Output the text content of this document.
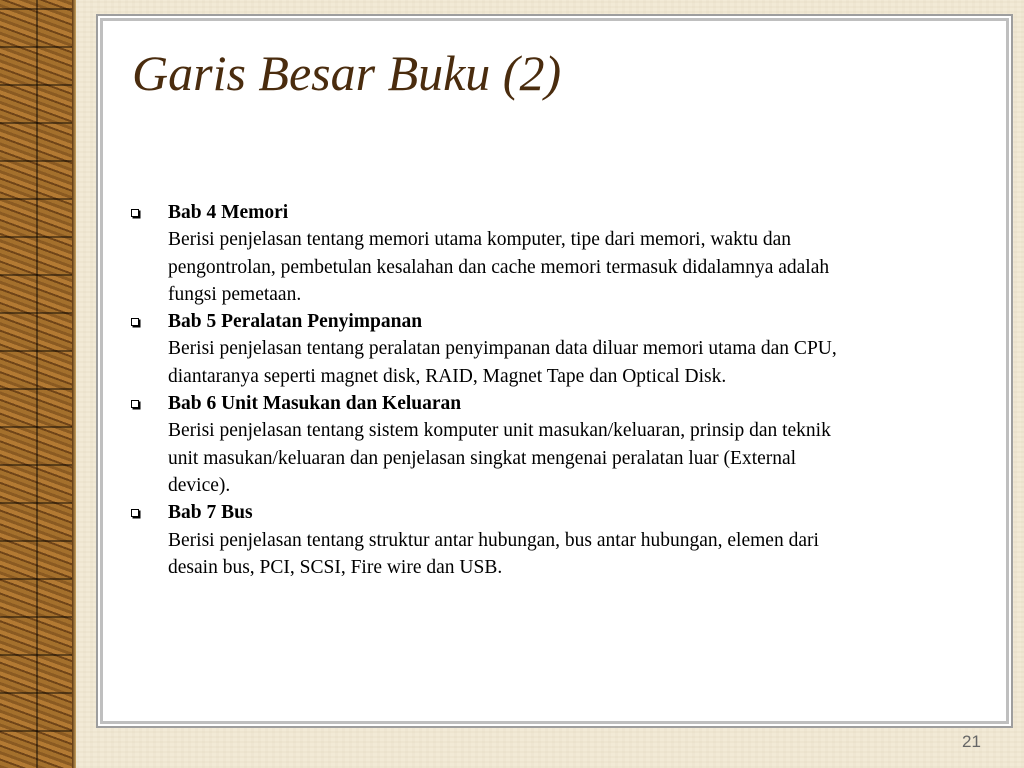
Garis Besar Buku (2)
Bab 4 Memori
Berisi penjelasan tentang memori utama komputer, tipe dari memori, waktu dan pengontrolan, pembetulan kesalahan dan cache memori termasuk didalamnya adalah fungsi pemetaan.
Bab 5 Peralatan Penyimpanan
Berisi penjelasan tentang peralatan penyimpanan data diluar memori utama dan CPU, diantaranya seperti magnet disk, RAID, Magnet Tape dan Optical Disk.
Bab 6 Unit Masukan dan Keluaran
Berisi penjelasan tentang sistem komputer unit masukan/keluaran, prinsip dan teknik unit masukan/keluaran dan penjelasan singkat mengenai peralatan luar (External device).
Bab 7 Bus
Berisi penjelasan tentang struktur antar hubungan, bus antar hubungan, elemen dari desain bus, PCI, SCSI, Fire wire dan USB.
21
